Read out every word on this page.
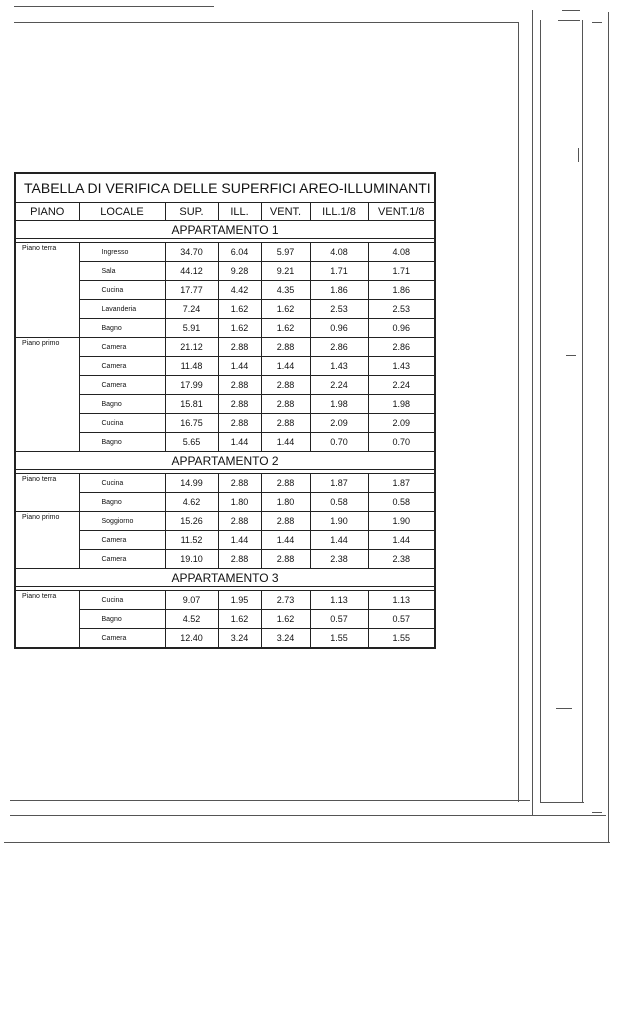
TABELLA DI VERIFICA DELLE SUPERFICI AREO-ILLUMINANTI						
PIANO	LOCALE	SUP.	ILL.	VENT.	ILL.1/8	VENT.1/8
APPARTAMENTO 1						

Piano terra	Ingresso	34.70	6.04	5.97	4.08	4.08
	Sala	44.12	9.28	9.21	1.71	1.71
	Cucina	17.77	4.42	4.35	1.86	1.86
	Lavanderia	7.24	1.62	1.62	2.53	2.53
	Bagno	5.91	1.62	1.62	0.96	0.96
Piano primo	Camera	21.12	2.88	2.88	2.86	2.86
	Camera	11.48	1.44	1.44	1.43	1.43
	Camera	17.99	2.88	2.88	2.24	2.24
	Bagno	15.81	2.88	2.88	1.98	1.98
	Cucina	16.75	2.88	2.88	2.09	2.09
	Bagno	5.65	1.44	1.44	0.70	0.70
APPARTAMENTO 2						

Piano terra	Cucina	14.99	2.88	2.88	1.87	1.87
	Bagno	4.62	1.80	1.80	0.58	0.58
Piano primo	Soggiorno	15.26	2.88	2.88	1.90	1.90
	Camera	11.52	1.44	1.44	1.44	1.44
	Camera	19.10	2.88	2.88	2.38	2.38
APPARTAMENTO 3						

Piano terra	Cucina	9.07	1.95	2.73	1.13	1.13
	Bagno	4.52	1.62	1.62	0.57	0.57
	Camera	12.40	3.24	3.24	1.55	1.55
